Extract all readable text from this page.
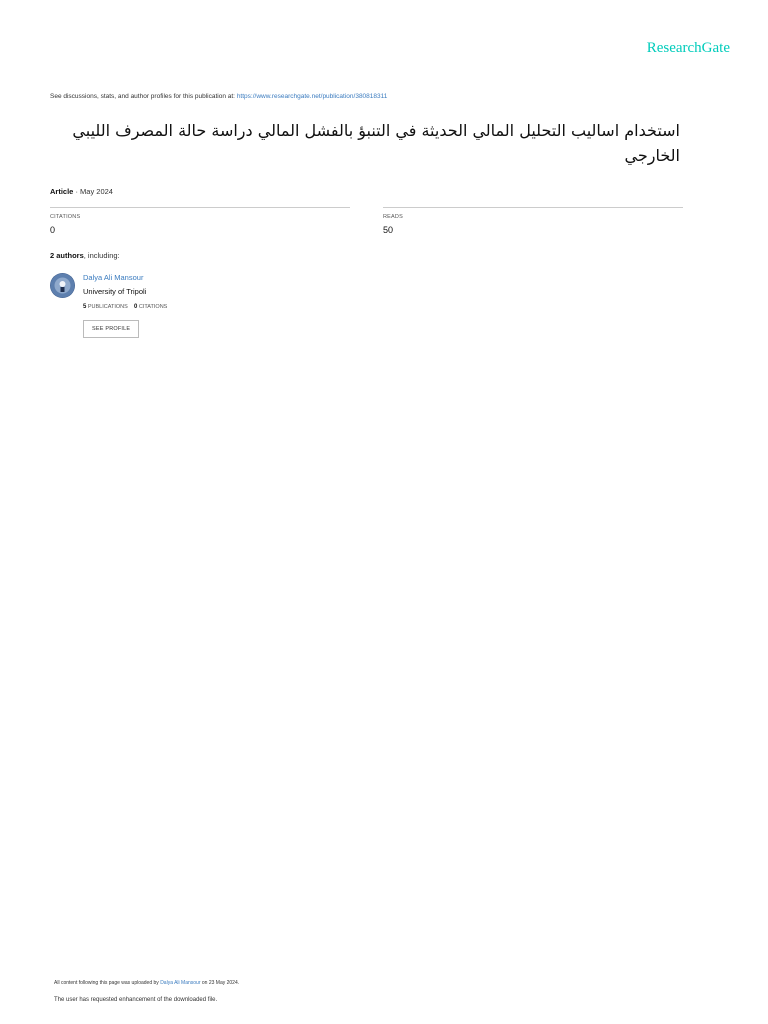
ResearchGate
See discussions, stats, and author profiles for this publication at: https://www.researchgate.net/publication/380818311
استخدام اساليب التحليل المالي الحديثة في التنبؤ بالفشل المالي دراسة حالة المصرف الليبي الخارجي
Article · May 2024
CITATIONS
0
READS
50
2 authors, including:
Dalya Ali Mansour
University of Tripoli
5 PUBLICATIONS 0 CITATIONS
SEE PROFILE
All content following this page was uploaded by Dalya Ali Mansour on 23 May 2024.
The user has requested enhancement of the downloaded file.
